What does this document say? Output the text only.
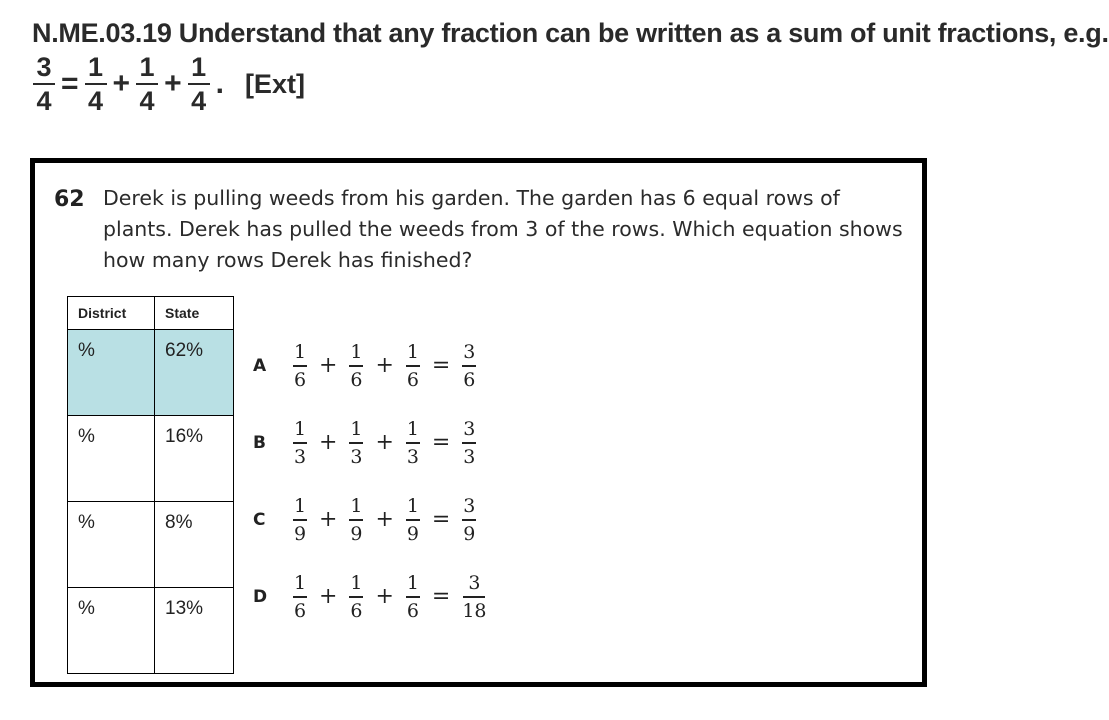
N.ME.03.19 Understand that any fraction can be written as a sum of unit fractions, e.g.
$\frac{3}{4} = \frac{1}{4} + \frac{1}{4} + \frac{1}{4}$ . [Ext]
62 Derek is pulling weeds from his garden. The garden has 6 equal rows of plants. Derek has pulled the weeds from 3 of the rows. Which equation shows how many rows Derek has finished?
District	State
%	62%
%	16%
%	8%
%	13%
A
1
6
+
1
6
+
1
6
=
3
6
B
1
3
+
1
3
+
1
3
=
3
3
C
1
9
+
1
9
+
1
9
=
3
9
D
1
6
+
1
6
+
1
6
=
3
18
